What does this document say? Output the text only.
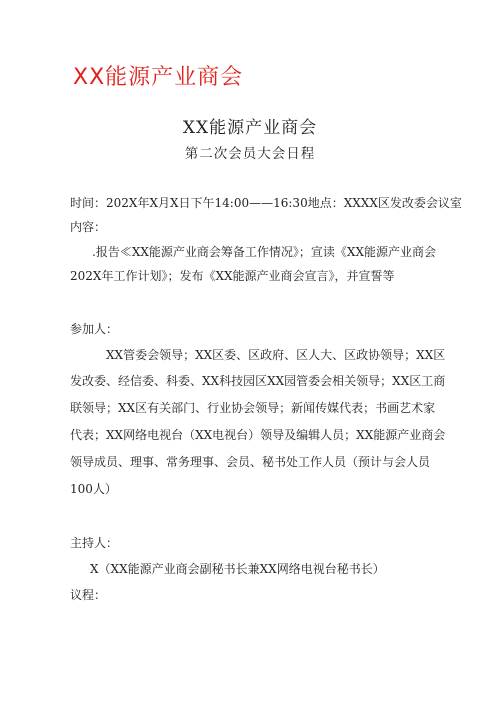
XX能源产业商会
XX能源产业商会
第二次会员大会日程
时间：202X年X月X日下午14:00——16:30地点：XXXX区发改委会议室
内容：
.报告≪XX能源产业商会筹备工作情况》；宣读《XX能源产业商会
202X年工作计划》；发布《XX能源产业商会宣言》，并宣誓等
参加人：
XX管委会领导；XX区委、区政府、区人大、区政协领导；XX区
发改委、经信委、科委、XX科技园区XX园管委会相关领导；XX区工商
联领导；XX区有关部门、行业协会领导；新闻传媒代表；书画艺术家
代表；XX网络电视台（XX电视台）领导及编辑人员；XX能源产业商会
领导成员、理事、常务理事、会员、秘书处工作人员（预计与会人员
100人）
主持人：
X（XX能源产业商会副秘书长兼XX网络电视台秘书长）
议程：
